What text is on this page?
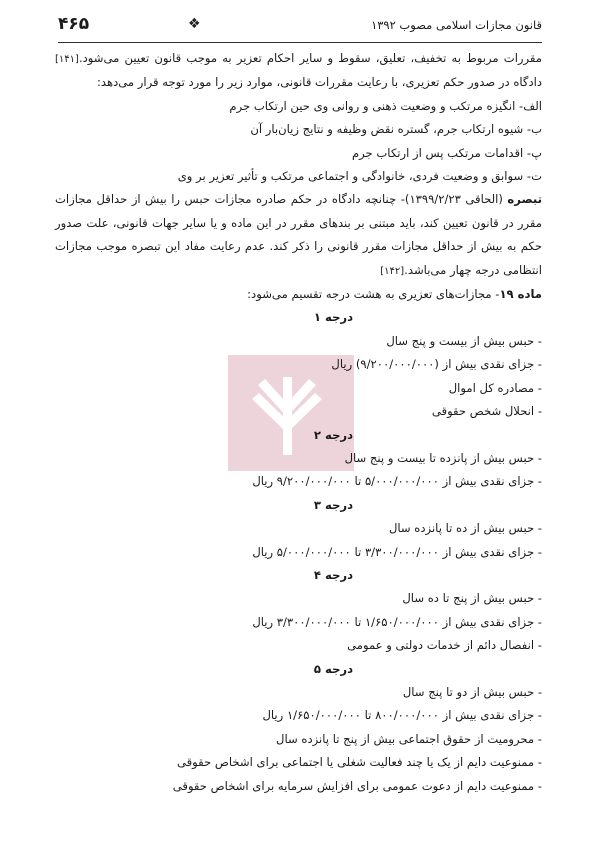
۴۶۵	❖	قانون مجازات اسلامی مصوب ۱۳۹۲

مقررات مربوط به تخفیف، تعلیق، سقوط و سایر احکام تعزیر به موجب قانون تعیین می‌شود.[۱۴۱] دادگاه در صدور حکم تعزیری، با رعایت مقررات قانونی، موارد زیر را مورد توجه قرار می‌دهد:

الف- انگیزه مرتکب و وضعیت ذهنی و روانی وی حین ارتکاب جرم

ب- شیوه ارتکاب جرم، گستره نقض وظیفه و نتایج زیان‌بار آن

پ- اقدامات مرتکب پس از ارتکاب جرم

ت- سوابق و وضعیت فردی، خانوادگی و اجتماعی مرتکب و تأثیر تعزیر بر وی

تبصره (الحاقی ۱۳۹۹/۲/۲۳)- چنانچه دادگاه در حکم صادره مجازات حبس را بیش از حداقل مجازات مقرر در قانون تعیین کند، باید مبتنی بر بندهای مقرر در این ماده و یا سایر جهات قانونی، علت صدور حکم به بیش از حداقل مجازات مقرر قانونی را ذکر کند. عدم رعایت مفاد این تبصره موجب مجازات انتظامی درجه چهار می‌باشد.[۱۴۲]

ماده ۱۹- مجازات‌های تعزیری به هشت درجه تقسیم می‌شود:

درجه ۱

- حبس بیش از بیست و پنج سال

- جزای نقدی بیش از (۹/۲۰۰/۰۰۰/۰۰۰) ریال

- مصادره کل اموال

- انحلال شخص حقوقی

درجه ۲

- حبس بیش از پانزده تا بیست و پنج سال

- جزای نقدی بیش از ۵/۰۰۰/۰۰۰/۰۰۰ تا ۹/۲۰۰/۰۰۰/۰۰۰ ریال

درجه ۳

- حبس بیش از ده تا پانزده سال

- جزای نقدی بیش از ۳/۳۰۰/۰۰۰/۰۰۰ تا ۵/۰۰۰/۰۰۰/۰۰۰ ریال

درجه ۴

- حبس بیش از پنج تا ده سال

- جزای نقدی بیش از ۱/۶۵۰/۰۰۰/۰۰۰ تا ۳/۳۰۰/۰۰۰/۰۰۰ ریال

- انفصال دائم از خدمات دولتی و عمومی

درجه ۵

- حبس بیش از دو تا پنج سال

- جزای نقدی بیش از ۸۰۰/۰۰۰/۰۰۰ تا ۱/۶۵۰/۰۰۰/۰۰۰ ریال

- محرومیت از حقوق اجتماعی بیش از پنج تا پانزده سال

- ممنوعیت دایم از یک یا چند فعالیت شغلی یا اجتماعی برای اشخاص حقوقی

- ممنوعیت دایم از دعوت عمومی برای افزایش سرمایه برای اشخاص حقوقی
